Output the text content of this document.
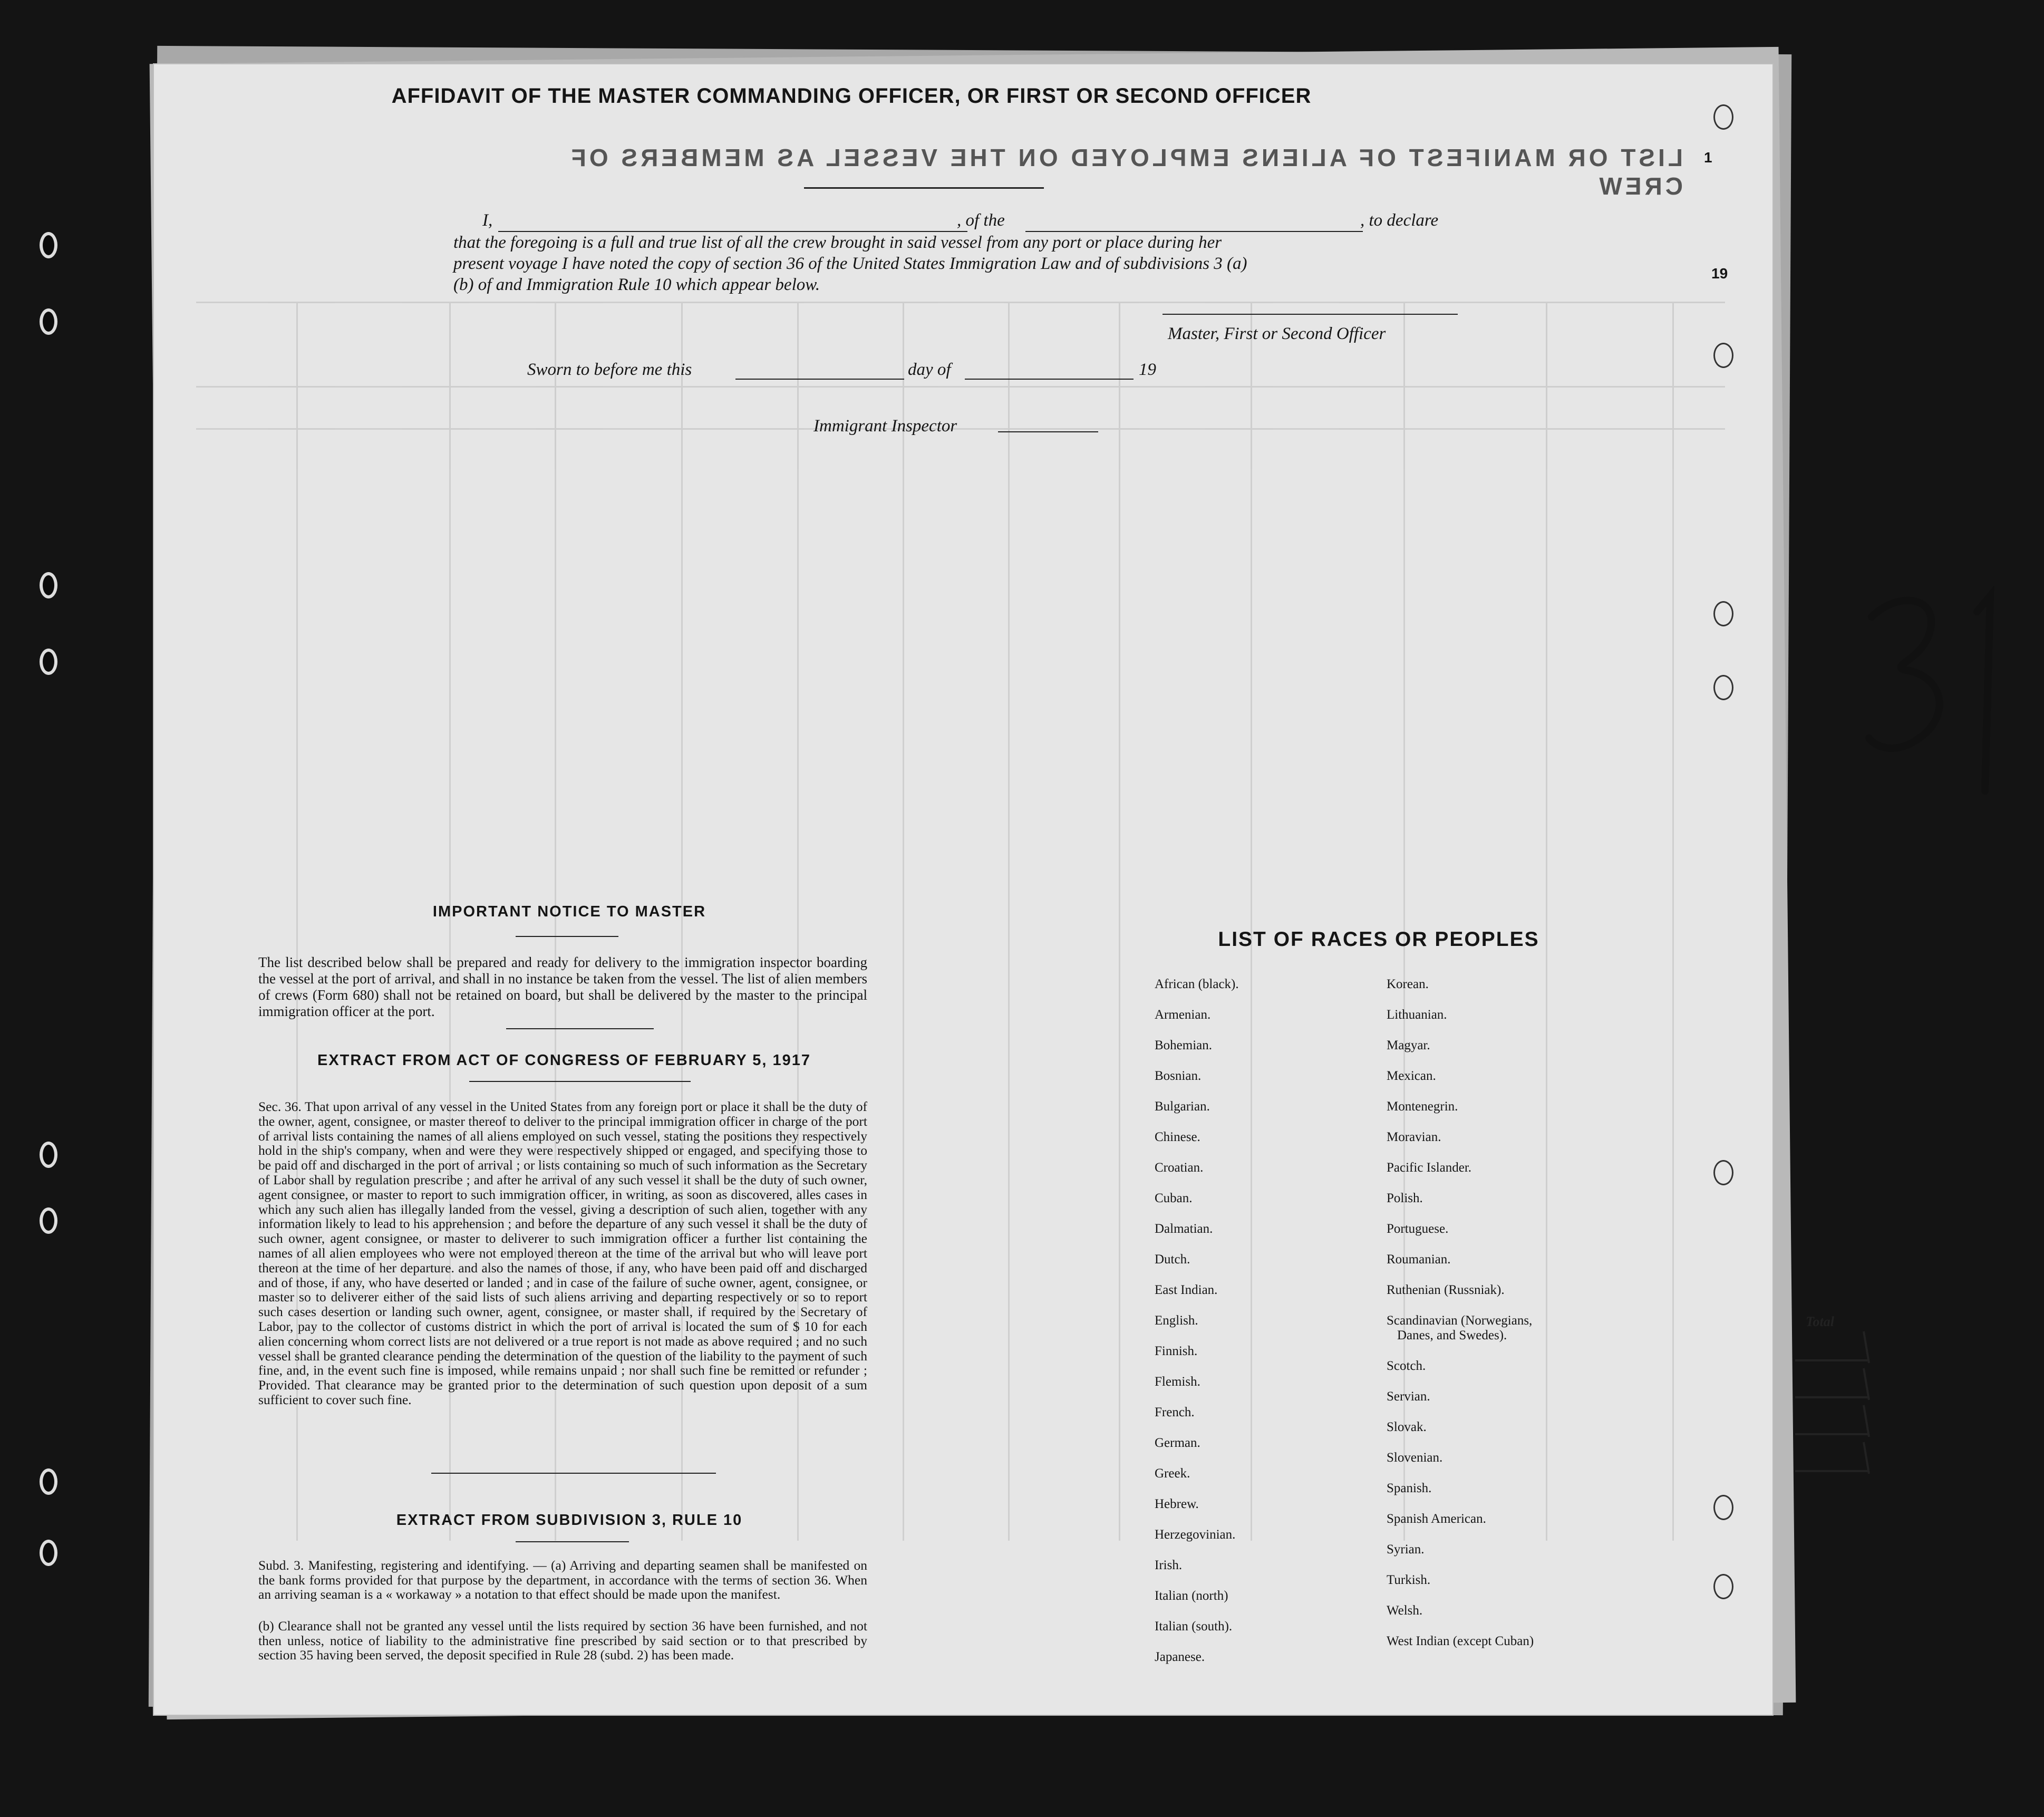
LIST OR MANIFEST OF ALIENS EMPLOYED ON THE VESSEL AS MEMBERS OF CREW
1
19
AFFIDAVIT OF THE MASTER COMMANDING OFFICER, OR FIRST OR SECOND OFFICER
I,	, of the	, to declare
that the foregoing is a full and true list of all the crew brought in said vessel from any port or place during her
present voyage I have noted the copy of section 36 of the United States Immigration Law and of subdivisions 3 (a)
(b) of and Immigration Rule 10 which appear below.
Master, First or Second Officer
Sworn to before me this	day of	19
Immigrant Inspector
IMPORTANT NOTICE TO MASTER
The list described below shall be prepared and ready for delivery to the immigration inspector boarding the vessel at the port of arrival, and shall in no instance be taken from the vessel. The list of alien members of crews (Form 680) shall not be retained on board, but shall be delivered by the master to the principal immigration officer at the port.
EXTRACT FROM ACT OF CONGRESS OF FEBRUARY 5, 1917
Sec. 36. That upon arrival of any vessel in the United States from any foreign port or place it shall be the duty of the owner, agent, consignee, or master thereof to deliver to the principal immigration officer in charge of the port of arrival lists containing the names of all aliens employed on such vessel, stating the positions they respectively hold in the ship's company, when and were they were respectively shipped or engaged, and specifying those to be paid off and discharged in the port of arrival ; or lists containing so much of such information as the Secretary of Labor shall by regulation prescribe ; and after he arrival of any such vessel it shall be the duty of such owner, agent consignee, or master to report to such immigration officer, in writing, as soon as discovered, alles cases in which any such alien has illegally landed from the vessel, giving a description of such alien, together with any information likely to lead to his apprehension ; and before the departure of any such vessel it shall be the duty of such owner, agent consignee, or master to deliverer to such immigration officer a further list containing the names of all alien employees who were not employed thereon at the time of the arrival but who will leave port thereon at the time of her departure. and also the names of those, if any, who have been paid off and discharged and of those, if any, who have deserted or landed ; and in case of the failure of suche owner, agent, consignee, or master so to deliverer either of the said lists of such aliens arriving and departing respectively or so to report such cases desertion or landing such owner, agent, consignee, or master shall, if required by the Secretary of Labor, pay to the collector of customs district in which the port of arrival is located the sum of $ 10 for each alien concerning whom correct lists are not delivered or a true report is not made as above required ; and no such vessel shall be granted clearance pending the determination of the question of the liability to the payment of such fine, and, in the event such fine is imposed, while remains unpaid ; nor shall such fine be remitted or refunder ; Provided. That clearance may be granted prior to the determination of such question upon deposit of a sum sufficient to cover such fine.
EXTRACT FROM SUBDIVISION 3, RULE 10
Subd. 3. Manifesting, registering and identifying. — (a) Arriving and departing seamen shall be manifested on the bank forms provided for that purpose by the department, in accordance with the terms of section 36. When an arriving seaman is a « workaway » a notation to that effect should be made upon the manifest.
(b) Clearance shall not be granted any vessel until the lists required by section 36 have been furnished, and not then unless, notice of liability to the administrative fine prescribed by said section or to that prescribed by section 35 having been served, the deposit specified in Rule 28 (subd. 2) has been made.
LIST OF RACES OR PEOPLES
African (black).
Armenian.
Bohemian.
Bosnian.
Bulgarian.
Chinese.
Croatian.
Cuban.
Dalmatian.
Dutch.
East Indian.
English.
Finnish.
Flemish.
French.
German.
Greek.
Hebrew.
Herzegovinian.
Irish.
Italian (north)
Italian (south).
Japanese.
Korean.
Lithuanian.
Magyar.
Mexican.
Montenegrin.
Moravian.
Pacific Islander.
Polish.
Portuguese.
Roumanian.
Ruthenian (Russniak).
Scandinavian (Norwegians,
Danes, and Swedes).
Scotch.
Servian.
Slovak.
Slovenian.
Spanish.
Spanish American.
Syrian.
Turkish.
Welsh.
West Indian (except Cuban)
31
Total
